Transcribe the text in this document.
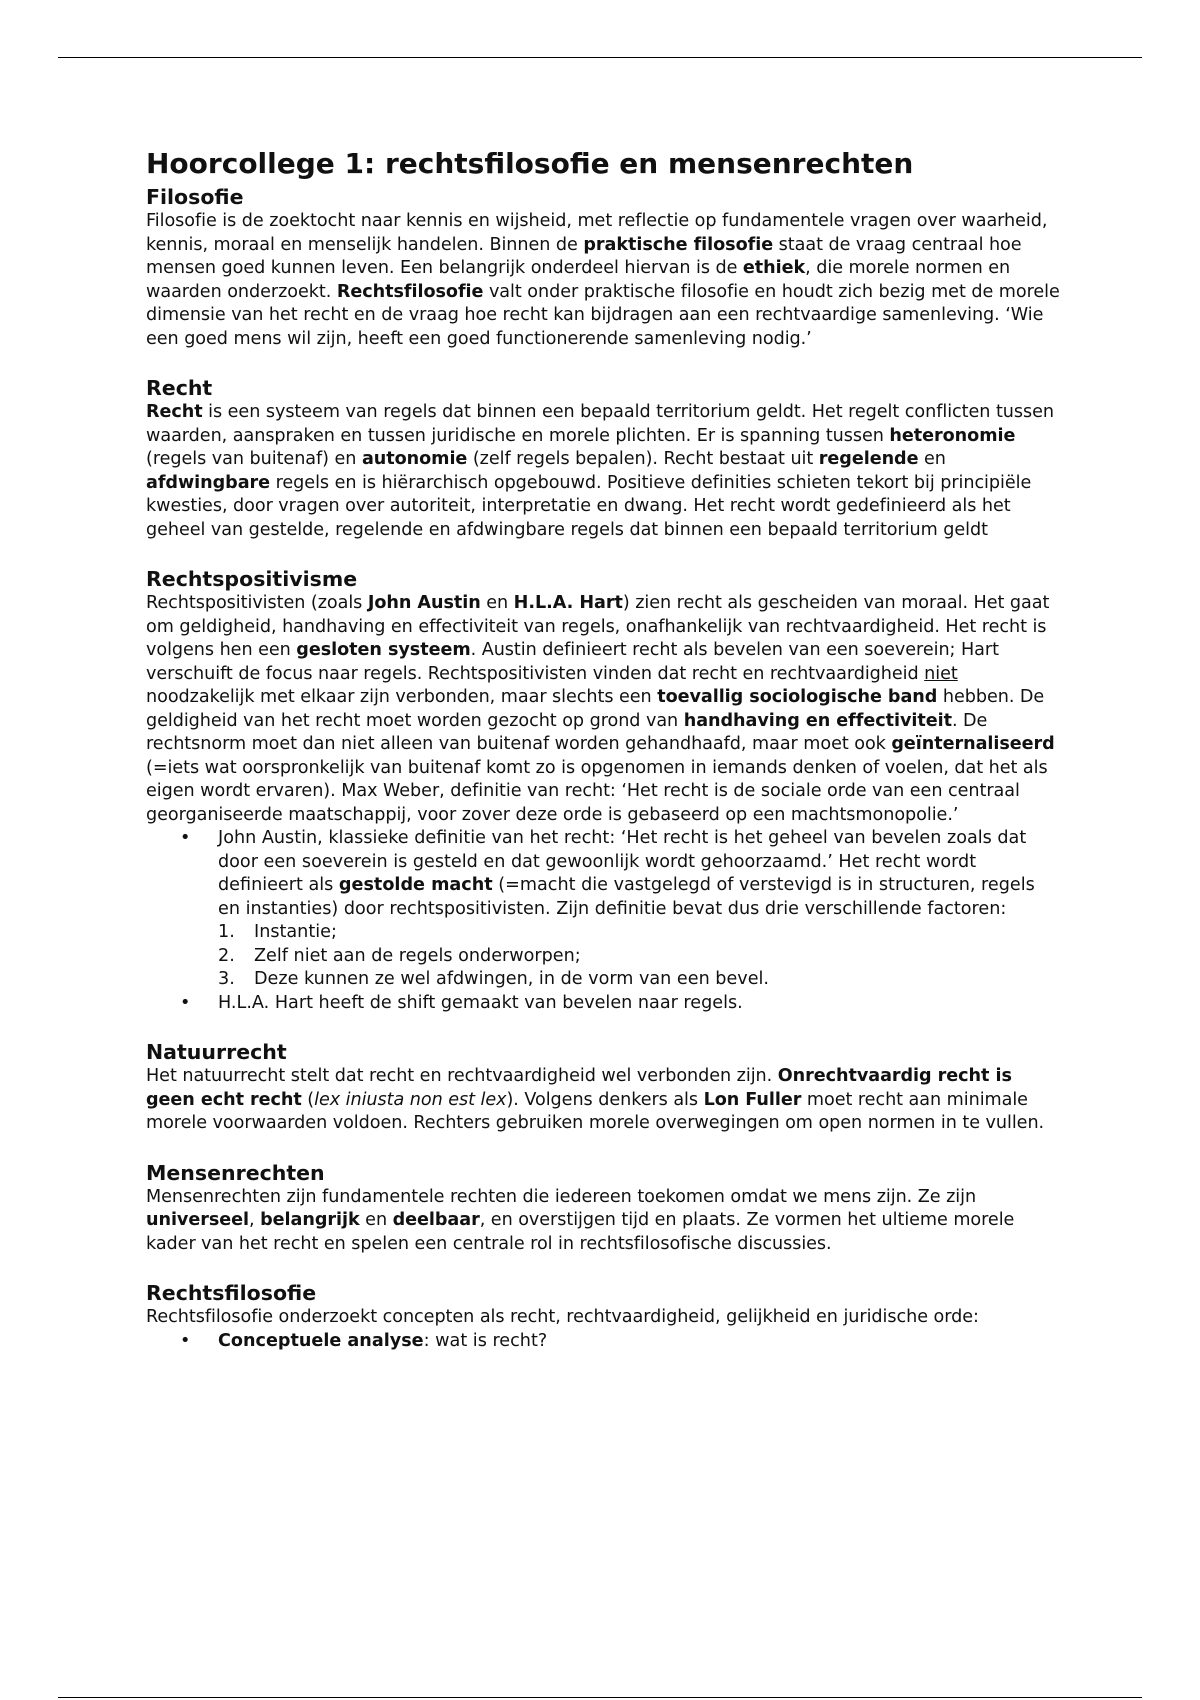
Hoorcollege 1: rechtsfilosofie en mensenrechten
Filosofie

Filosofie is de zoektocht naar kennis en wijsheid, met reflectie op fundamentele vragen over waarheid, kennis, moraal en menselijk handelen. Binnen de praktische filosofie staat de vraag centraal hoe mensen goed kunnen leven. Een belangrijk onderdeel hiervan is de ethiek, die morele normen en waarden onderzoekt. Rechtsfilosofie valt onder praktische filosofie en houdt zich bezig met de morele dimensie van het recht en de vraag hoe recht kan bijdragen aan een rechtvaardige samenleving. ‘Wie een goed mens wil zijn, heeft een goed functionerende samenleving nodig.’

Recht

Recht is een systeem van regels dat binnen een bepaald territorium geldt. Het regelt conflicten tussen waarden, aanspraken en tussen juridische en morele plichten. Er is spanning tussen heteronomie (regels van buitenaf) en autonomie (zelf regels bepalen). Recht bestaat uit regelende en afdwingbare regels en is hiërarchisch opgebouwd. Positieve definities schieten tekort bij principiële kwesties, door vragen over autoriteit, interpretatie en dwang. Het recht wordt gedefinieerd als het geheel van gestelde, regelende en afdwingbare regels dat binnen een bepaald territorium geldt

Rechtspositivisme

Rechtspositivisten (zoals John Austin en H.L.A. Hart) zien recht als gescheiden van moraal. Het gaat om geldigheid, handhaving en effectiviteit van regels, onafhankelijk van rechtvaardigheid. Het recht is volgens hen een gesloten systeem. Austin definieert recht als bevelen van een soeverein; Hart verschuift de focus naar regels. Rechtspositivisten vinden dat recht en rechtvaardigheid niet noodzakelijk met elkaar zijn verbonden, maar slechts een toevallig sociologische band hebben. De geldigheid van het recht moet worden gezocht op grond van handhaving en effectiviteit. De rechtsnorm moet dan niet alleen van buitenaf worden gehandhaafd, maar moet ook geïnternaliseerd (=iets wat oorspronkelijk van buitenaf komt zo is opgenomen in iemands denken of voelen, dat het als eigen wordt ervaren). Max Weber, definitie van recht: ‘Het recht is de sociale orde van een centraal georganiseerde maatschappij, voor zover deze orde is gebaseerd op een machtsmonopolie.’

• John Austin, klassieke definitie van het recht: ‘Het recht is het geheel van bevelen zoals dat door een soeverein is gesteld en dat gewoonlijk wordt gehoorzaamd.’ Het recht wordt definieert als gestolde macht (=macht die vastgelegd of verstevigd is in structuren, regels en instanties) door rechtspositivisten. Zijn definitie bevat dus drie verschillende factoren:
1. Instantie;
2. Zelf niet aan de regels onderworpen;
3. Deze kunnen ze wel afdwingen, in de vorm van een bevel.
• H.L.A. Hart heeft de shift gemaakt van bevelen naar regels.
Natuurrecht

Het natuurrecht stelt dat recht en rechtvaardigheid wel verbonden zijn. Onrechtvaardig recht is geen echt recht (lex iniusta non est lex). Volgens denkers als Lon Fuller moet recht aan minimale morele voorwaarden voldoen. Rechters gebruiken morele overwegingen om open normen in te vullen.

Mensenrechten

Mensenrechten zijn fundamentele rechten die iedereen toekomen omdat we mens zijn. Ze zijn universeel, belangrijk en deelbaar, en overstijgen tijd en plaats. Ze vormen het ultieme morele kader van het recht en spelen een centrale rol in rechtsfilosofische discussies.

Rechtsfilosofie

Rechtsfilosofie onderzoekt concepten als recht, rechtvaardigheid, gelijkheid en juridische orde:

• Conceptuele analyse: wat is recht?
